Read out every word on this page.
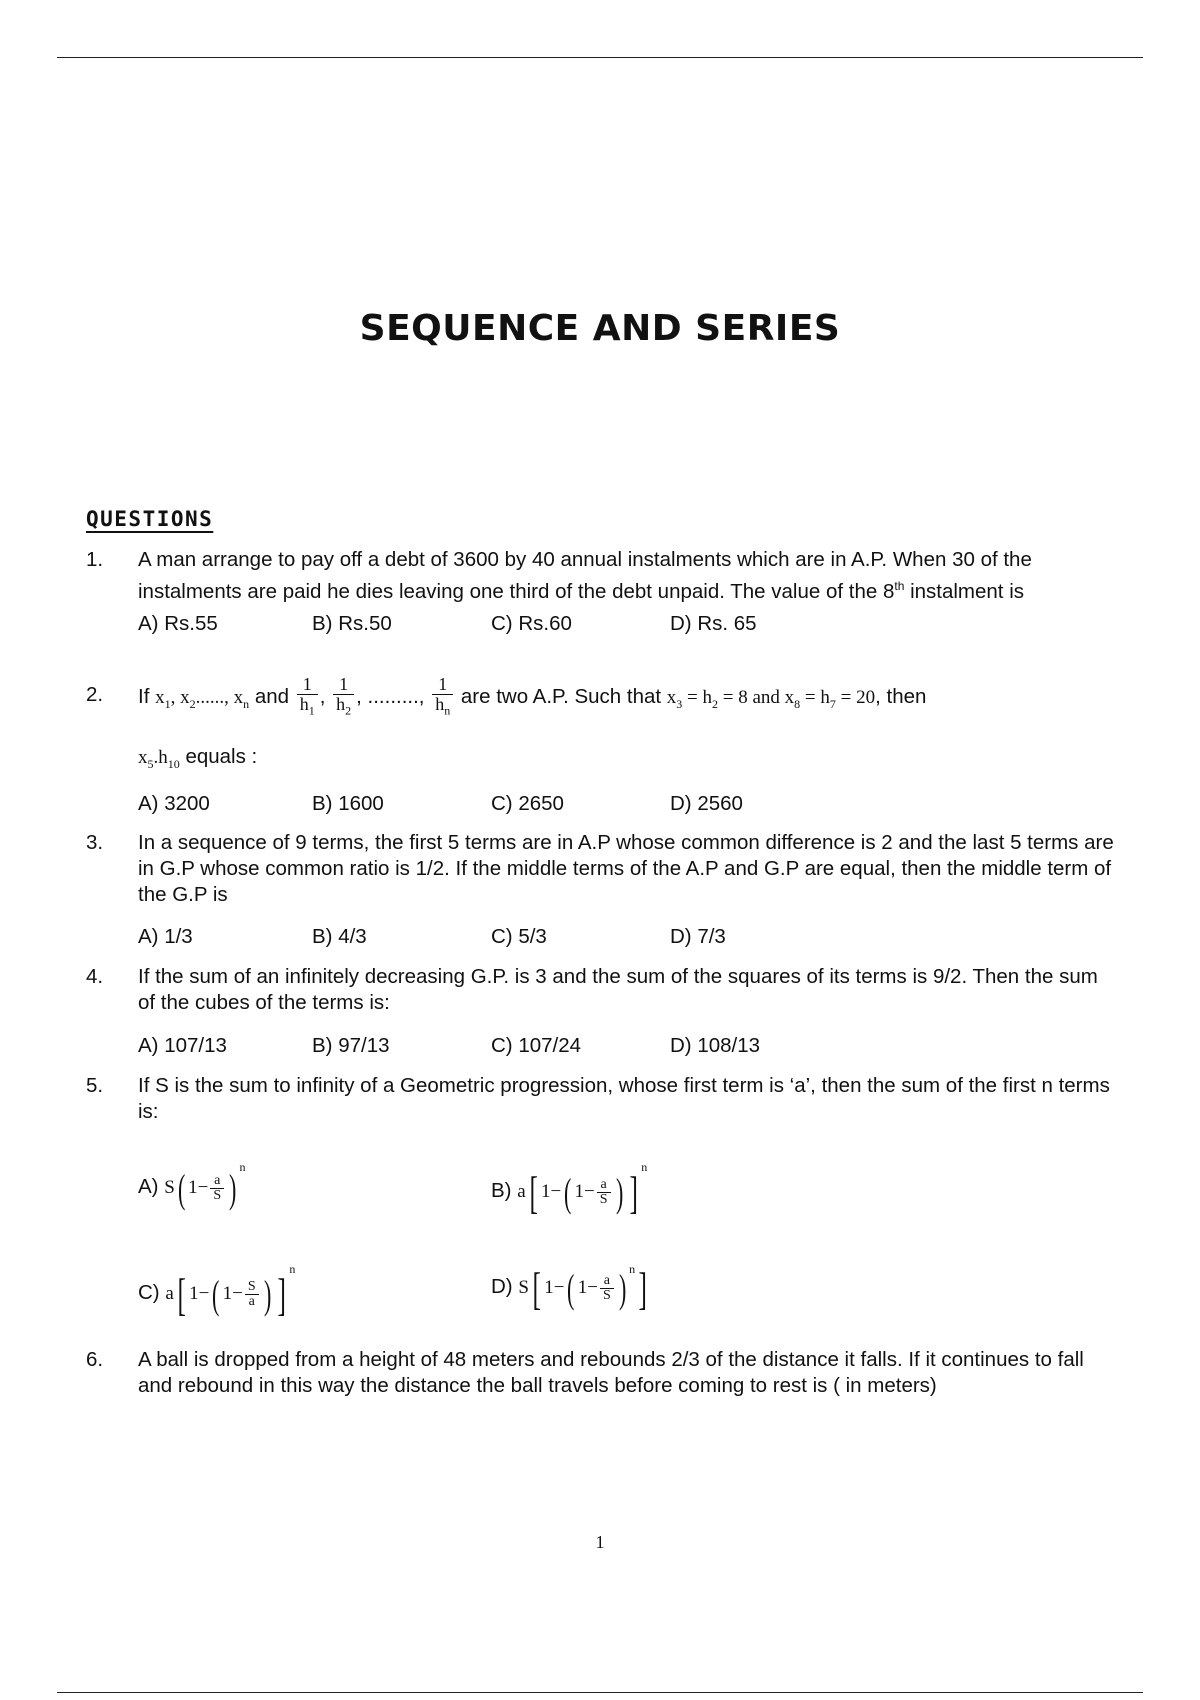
SEQUENCE AND SERIES
QUESTIONS
1. A man arrange to pay off a debt of 3600 by 40 annual instalments which are in A.P. When 30 of the instalments are paid he dies leaving one third of the debt unpaid. The value of the 8th instalment is
A) Rs.55	B) Rs.50	C) Rs.60	D) Rs. 65
2. If $x_1$, $x_2$......, $x_n$ and $\frac{1}{h_1}$ , $\frac{1}{h_2}$ , ........., $\frac{1}{h_n}$ are two A.P. Such that $x_3 = h_2 = 8$ and $x_8 = h_7 = 20$, then
$x_5.h_{10}$ equals :
A) 3200	B) 1600	C) 2650	D) 2560
3. In a sequence of 9 terms, the first 5 terms are in A.P whose common difference is 2 and the last 5 terms are in G.P whose common ratio is 1/2. If the middle terms of the A.P and G.P are equal, then the middle term of the G.P is
A) 1/3	B) 4/3	C) 5/3	D) 7/3
4. If the sum of an infinitely decreasing G.P. is 3 and the sum of the squares of its terms is 9/2. Then the sum of the cubes of the terms is:
A) 107/13	B) 97/13	C) 107/24	D) 108/13
5. If S is the sum to infinity of a Geometric progression, whose first term is ‘a’, then the sum of the first n terms is:
A) S( $1- \frac{a}{S}$ ) $^n$
B) a[ 1−( $1- \frac{a}{S}$ ) ] $^n$
C) a[ 1−( $1- \frac{S}{a}$ ) ] $^n$
D) S[ 1−( $1- \frac{a}{S}$ ) $^n$]
6. A ball is dropped from a height of 48 meters and rebounds 2/3 of the distance it falls. If it continues to fall and rebound in this way the distance the ball travels before coming to rest is ( in meters)
1
